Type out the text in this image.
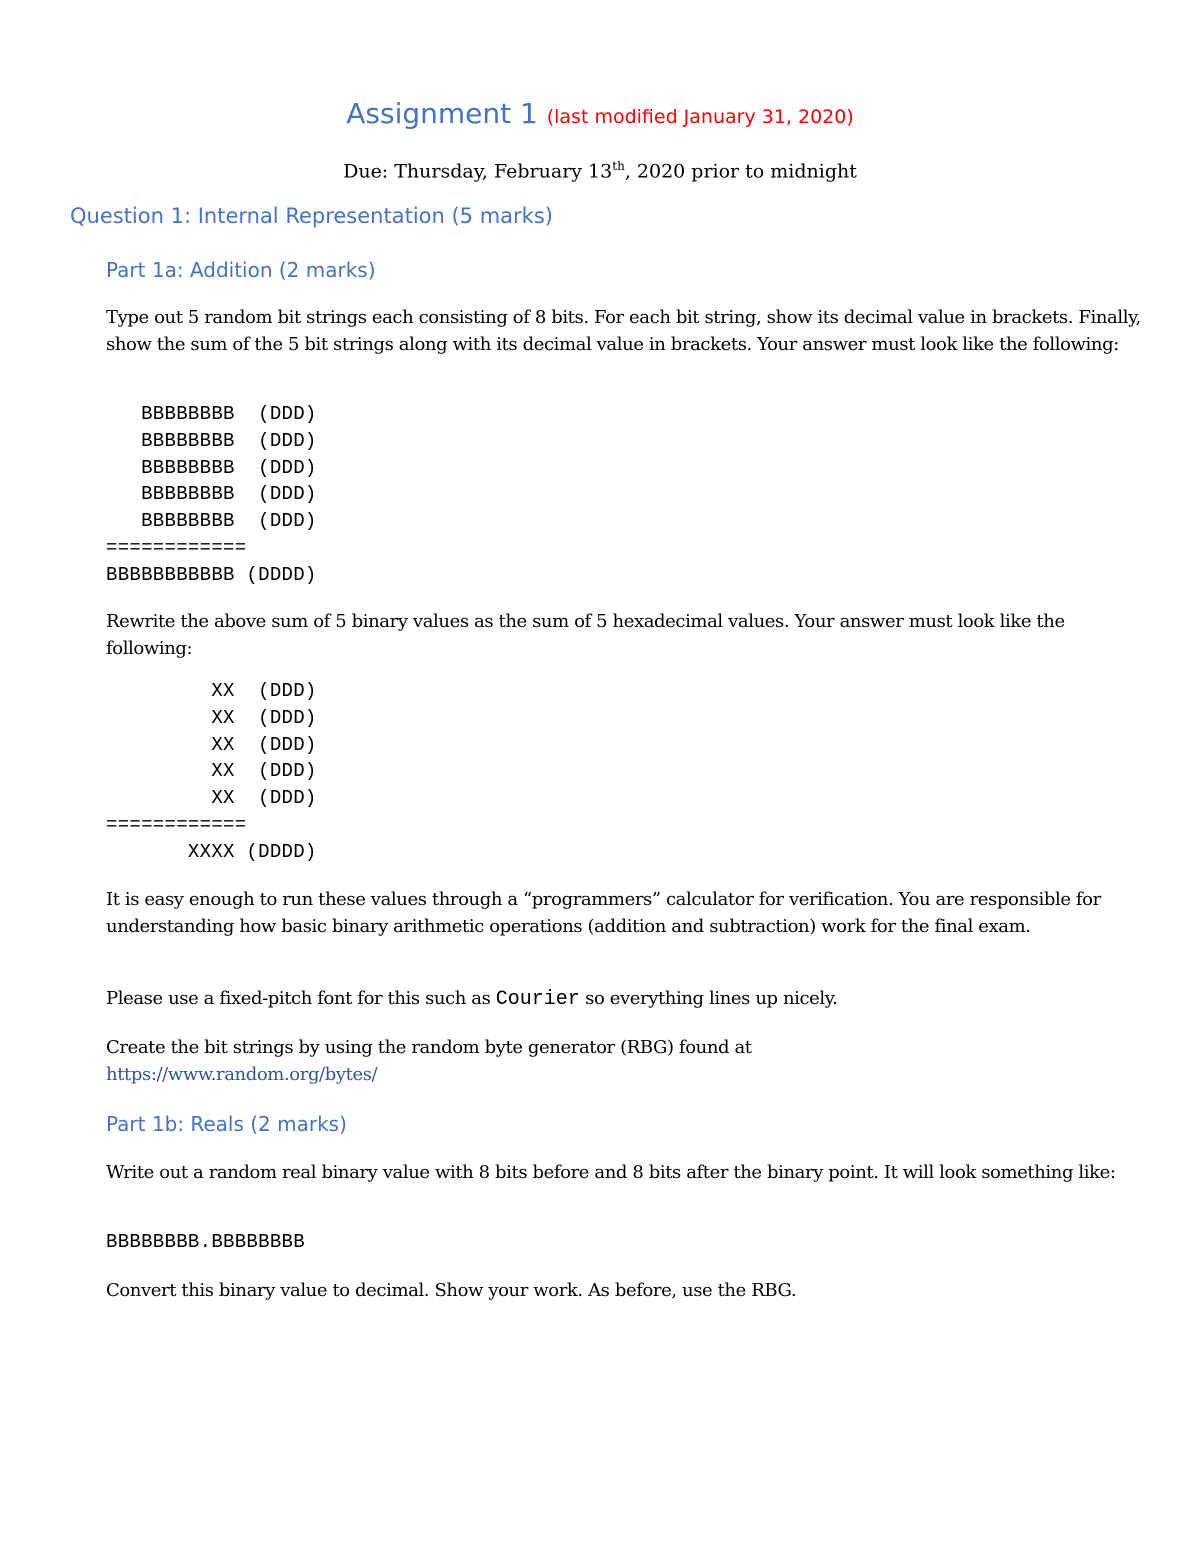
Assignment 1 (last modified January 31, 2020)
Due: Thursday, February 13th, 2020 prior to midnight
Question 1: Internal Representation (5 marks)
Part 1a: Addition (2 marks)
Type out 5 random bit strings each consisting of 8 bits. For each bit string, show its decimal value in brackets. Finally, show the sum of the 5 bit strings along with its decimal value in brackets. Your answer must look like the following:
BBBBBBBB  (DDD)
BBBBBBBB  (DDD)
BBBBBBBB  (DDD)
BBBBBBBB  (DDD)
BBBBBBBB  (DDD)
============
BBBBBBBBBBB (DDDD)
Rewrite the above sum of 5 binary values as the sum of 5 hexadecimal values. Your answer must look like the following:
XX  (DDD)
XX  (DDD)
XX  (DDD)
XX  (DDD)
XX  (DDD)
============
XXXX (DDDD)
It is easy enough to run these values through a “programmers” calculator for verification. You are responsible for understanding how basic binary arithmetic operations (addition and subtraction) work for the final exam.
Please use a fixed-pitch font for this such as Courier so everything lines up nicely.
Create the bit strings by using the random byte generator (RBG) found at
https://www.random.org/bytes/
Part 1b: Reals (2 marks)
Write out a random real binary value with 8 bits before and 8 bits after the binary point. It will look something like:
BBBBBBBB.BBBBBBBB
Convert this binary value to decimal. Show your work. As before, use the RBG.
